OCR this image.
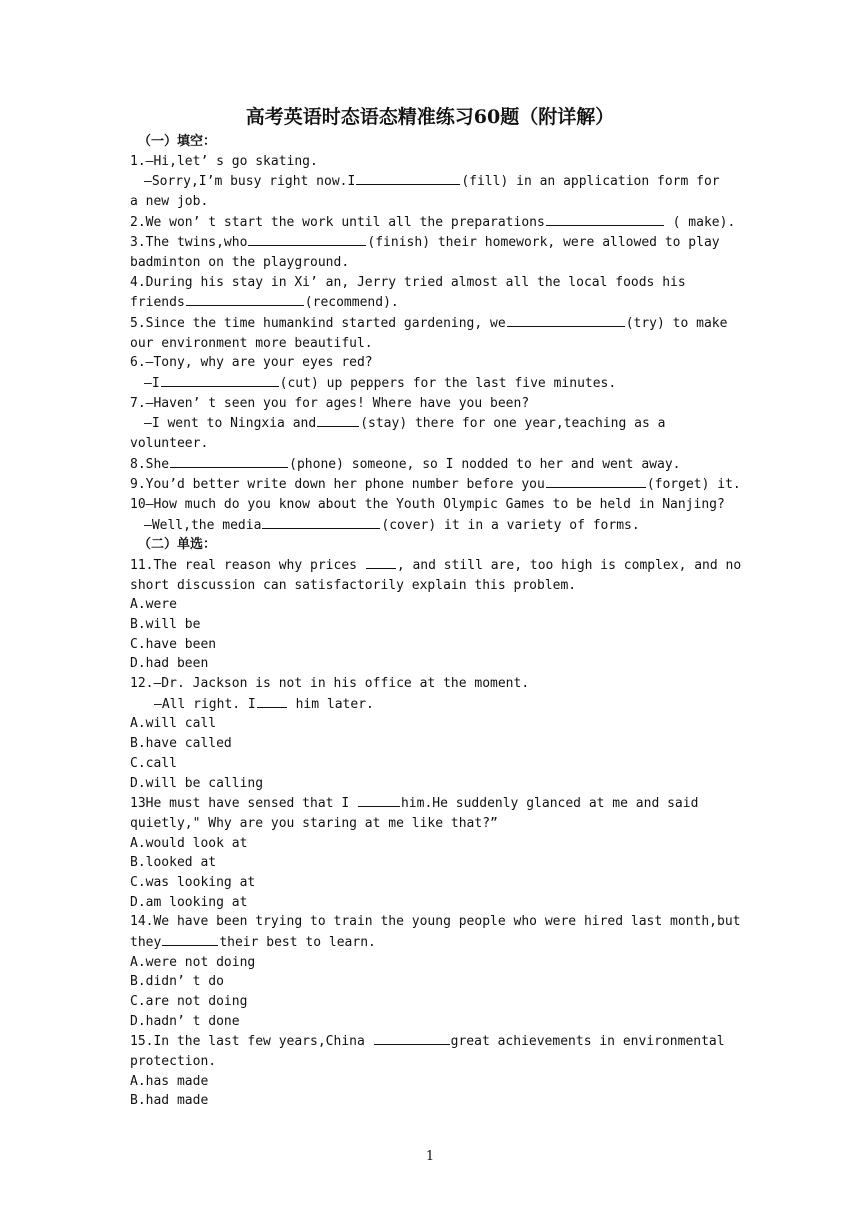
高考英语时态语态精准练习60题（附详解）
（一）填空：
1.—Hi,let’ s go skating.
—Sorry,I’m busy right now.I	(fill) in an application form for
a new job.
2.We won’ t start the work until all the preparations	( make).
3.The twins,who	(finish) their homework, were allowed to play
badminton on the playground.
4.During his stay in Xi’ an, Jerry tried almost all the local foods his
friends	(recommend).
5.Since the time humankind started gardening, we	(try) to make
our environment more beautiful.
6.—Tony, why are your eyes red?
—I	(cut) up peppers for the last five minutes.
7.—Haven’ t seen you for ages! Where have you been?
—I went to Ningxia and	(stay) there for one year,teaching as a
volunteer.
8.She	(phone) someone, so I nodded to her and went away.
9.You’d better write down her phone number before you	(forget) it.
10—How much do you know about the Youth Olympic Games to be held in Nanjing?
—Well,the media	(cover) it in a variety of forms.
（二）单选：
11.The real reason why prices , and still are, too high is complex, and no
short discussion can satisfactorily explain this problem.
A.were
B.will be
C.have been
D.had been
12.—Dr. Jackson is not in his office at the moment.
—All right. I him later.
A.will call
B.have called
C.call
D.will be calling
13He must have sensed that I	him.He suddenly glanced at me and said
quietly," Why are you staring at me like that?”
A.would look at
B.looked at
C.was looking at
D.am looking at
14.We have been trying to train the young people who were hired last month,but
they	their best to learn.
A.were not doing
B.didn’ t do
C.are not doing
D.hadn’ t done
15.In the last few years,China	great achievements in environmental
protection.
A.has made
B.had made
1
